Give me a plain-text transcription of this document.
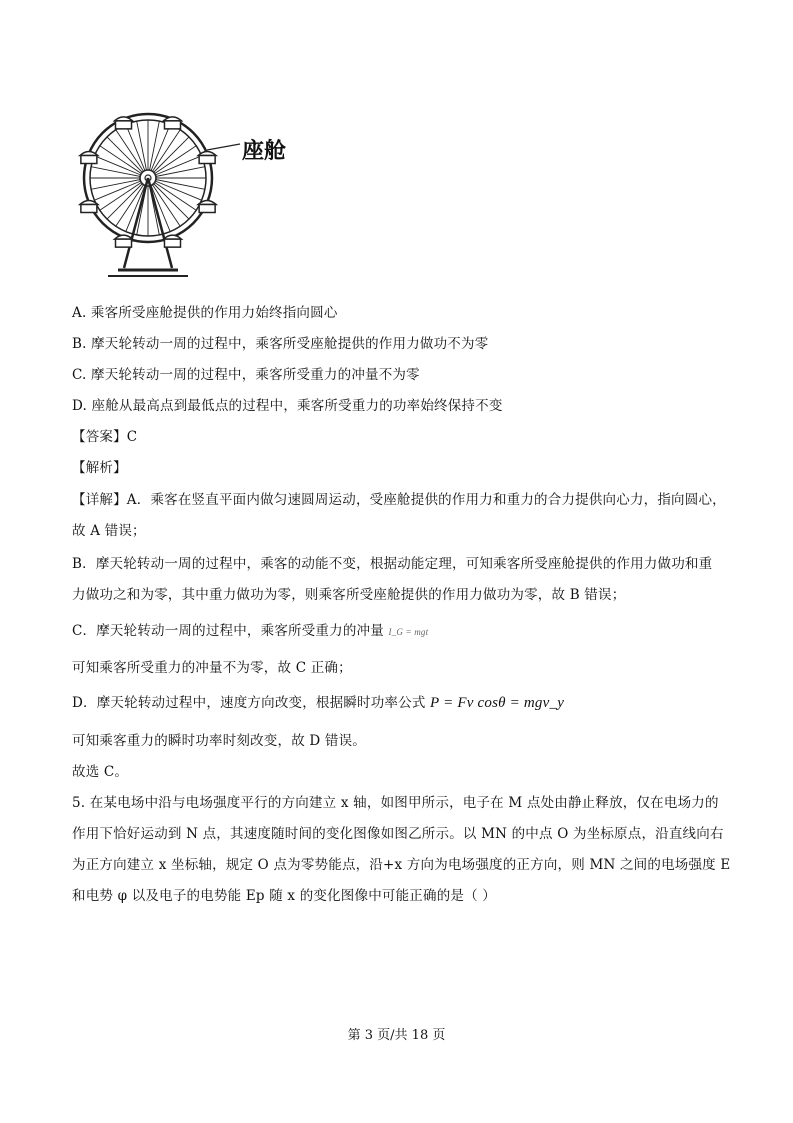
座舱
A. 乘客所受座舱提供的作用力始终指向圆心
B. 摩天轮转动一周的过程中，乘客所受座舱提供的作用力做功不为零
C. 摩天轮转动一周的过程中，乘客所受重力的冲量不为零
D. 座舱从最高点到最低点的过程中，乘客所受重力的功率始终保持不变
【答案】C
【解析】
【详解】A．乘客在竖直平面内做匀速圆周运动，受座舱提供的作用力和重力的合力提供向心力，指向圆心，
故 A 错误；
B．摩天轮转动一周的过程中，乘客的动能不变，根据动能定理，可知乘客所受座舱提供的作用力做功和重
力做功之和为零，其中重力做功为零，则乘客所受座舱提供的作用力做功为零，故 B 错误；
C．摩天轮转动一周的过程中，乘客所受重力的冲量 I_G = mgt
可知乘客所受重力的冲量不为零，故 C 正确；
D．摩天轮转动过程中，速度方向改变，根据瞬时功率公式 P = Fv cosθ = mgv_y
可知乘客重力的瞬时功率时刻改变，故 D 错误。
故选 C。
5. 在某电场中沿与电场强度平行的方向建立 x 轴，如图甲所示，电子在 M 点处由静止释放，仅在电场力的
作用下恰好运动到 N 点，其速度随时间的变化图像如图乙所示。以 MN 的中点 O 为坐标原点，沿直线向右
为正方向建立 x 坐标轴，规定 O 点为零势能点，沿+x 方向为电场强度的正方向，则 MN 之间的电场强度 E
和电势 φ 以及电子的电势能 Ep 随 x 的变化图像中可能正确的是（ ）
第 3 页/共 18 页
